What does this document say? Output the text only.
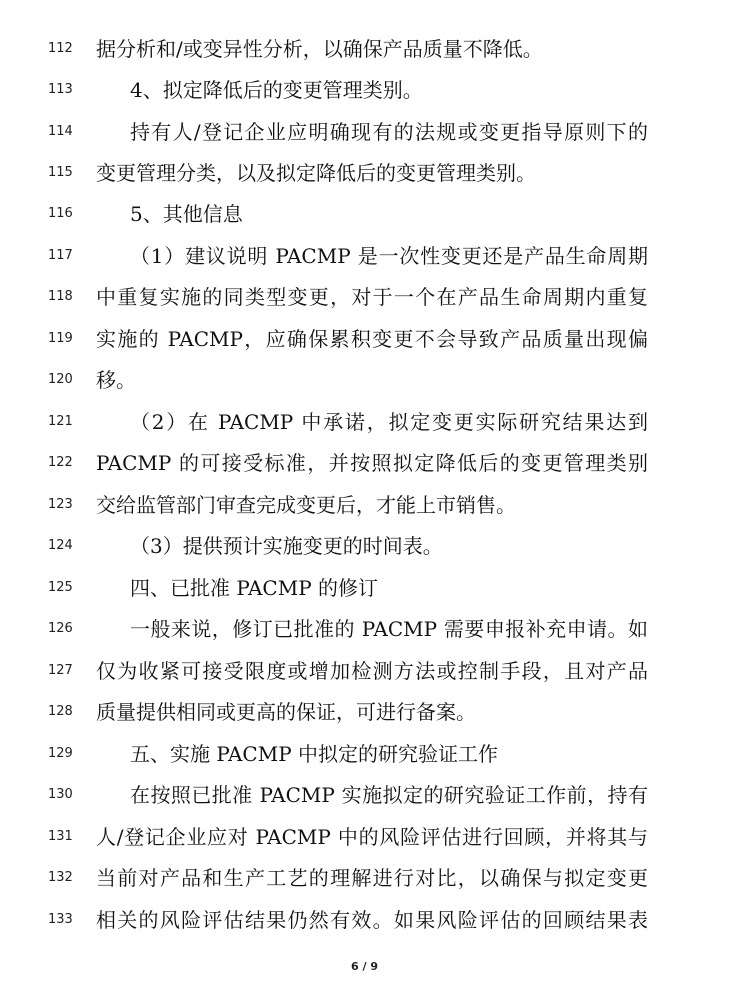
112 据分析和/或变异性分析，以确保产品质量不降低。
113	4、拟定降低后的变更管理类别。
114	持有人/登记企业应明确现有的法规或变更指导原则下的
115 变更管理分类，以及拟定降低后的变更管理类别。
116	5、其他信息
117	（1）建议说明 PACMP 是一次性变更还是产品生命周期
118 中重复实施的同类型变更，对于一个在产品生命周期内重复
119 实施的 PACMP，应确保累积变更不会导致产品质量出现偏
120 移。
121	（2）在 PACMP 中承诺，拟定变更实际研究结果达到
122 PACMP 的可接受标准，并按照拟定降低后的变更管理类别
123 交给监管部门审查完成变更后，才能上市销售。
124	（3）提供预计实施变更的时间表。
125	四、已批准 PACMP 的修订
126	一般来说，修订已批准的 PACMP 需要申报补充申请。如
127 仅为收紧可接受限度或增加检测方法或控制手段，且对产品
128 质量提供相同或更高的保证，可进行备案。
129	五、实施 PACMP 中拟定的研究验证工作
130	在按照已批准 PACMP 实施拟定的研究验证工作前，持有
131 人/登记企业应对 PACMP 中的风险评估进行回顾，并将其与
132 当前对产品和生产工艺的理解进行对比，以确保与拟定变更
133 相关的风险评估结果仍然有效。如果风险评估的回顾结果表
6 / 9
